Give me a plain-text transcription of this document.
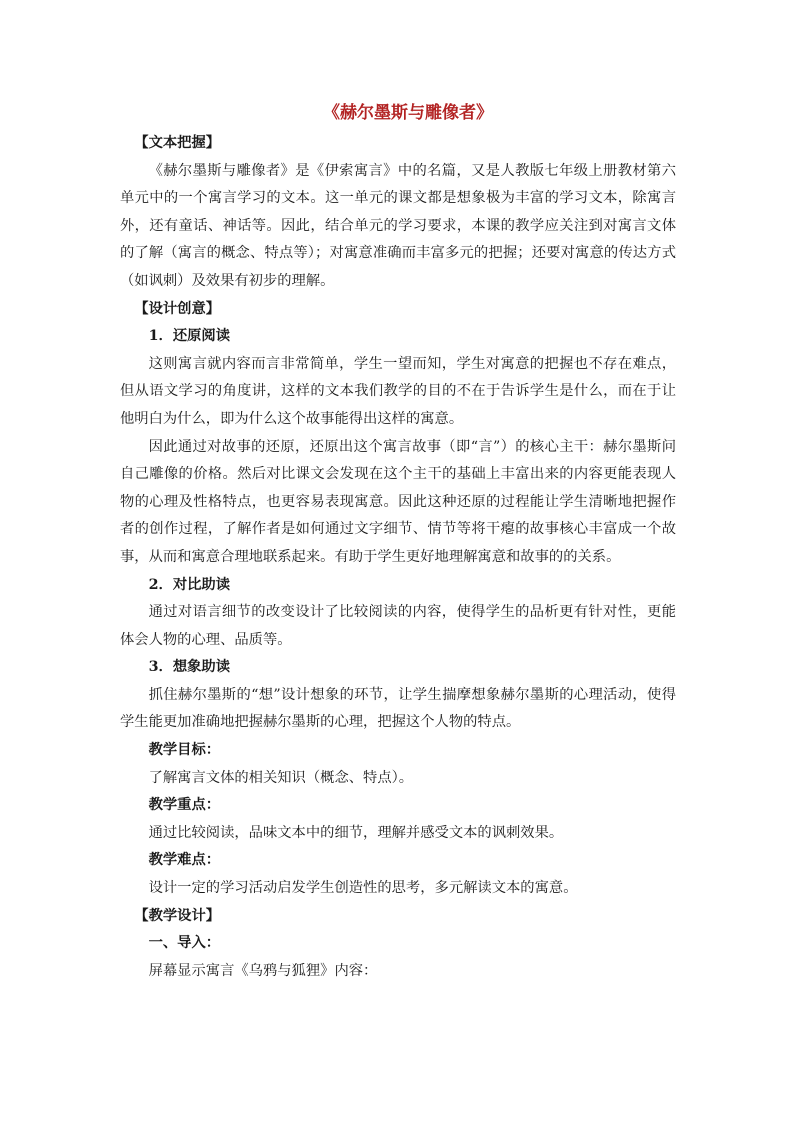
《赫尔墨斯与雕像者》

【文本把握】

《赫尔墨斯与雕像者》是《伊索寓言》中的名篇，又是人教版七年级上册教材第六单元中的一个寓言学习的文本。这一单元的课文都是想象极为丰富的学习文本，除寓言外，还有童话、神话等。因此，结合单元的学习要求，本课的教学应关注到对寓言文体的了解（寓言的概念、特点等）；对寓意准确而丰富多元的把握；还要对寓意的传达方式（如讽刺）及效果有初步的理解。

【设计创意】

1．还原阅读

这则寓言就内容而言非常简单，学生一望而知，学生对寓意的把握也不存在难点，但从语文学习的角度讲，这样的文本我们教学的目的不在于告诉学生是什么，而在于让他明白为什么，即为什么这个故事能得出这样的寓意。

因此通过对故事的还原，还原出这个寓言故事（即“言”）的核心主干：赫尔墨斯问自己雕像的价格。然后对比课文会发现在这个主干的基础上丰富出来的内容更能表现人物的心理及性格特点，也更容易表现寓意。因此这种还原的过程能让学生清晰地把握作者的创作过程，了解作者是如何通过文字细节、情节等将干瘪的故事核心丰富成一个故事，从而和寓意合理地联系起来。有助于学生更好地理解寓意和故事的的关系。

2．对比助读

通过对语言细节的改变设计了比较阅读的内容，使得学生的品析更有针对性，更能体会人物的心理、品质等。

3．想象助读

抓住赫尔墨斯的“想”设计想象的环节，让学生揣摩想象赫尔墨斯的心理活动，使得学生能更加准确地把握赫尔墨斯的心理，把握这个人物的特点。

教学目标：

了解寓言文体的相关知识（概念、特点）。

教学重点：

通过比较阅读，品味文本中的细节，理解并感受文本的讽刺效果。

教学难点：

设计一定的学习活动启发学生创造性的思考，多元解读文本的寓意。

【教学设计】

一、导入：

屏幕显示寓言《乌鸦与狐狸》内容：
